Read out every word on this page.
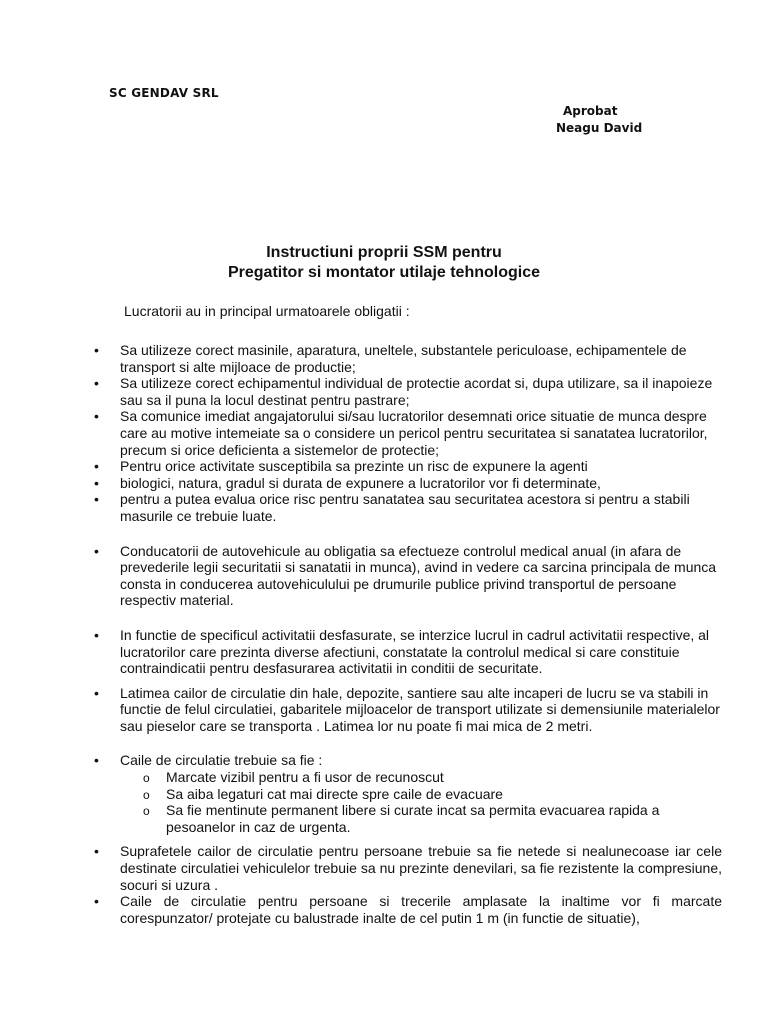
SC GENDAV SRL
Aprobat
Neagu David
Instructiuni proprii SSM pentru
Pregatitor si montator utilaje tehnologice
Lucratorii au in principal urmatoarele obligatii :
• Sa utilizeze corect masinile, aparatura, uneltele, substantele periculoase, echipamentele de transport si alte mijloace de productie;
• Sa utilizeze corect echipamentul individual de protectie acordat si, dupa utilizare, sa il inapoieze sau sa il puna la locul destinat pentru pastrare;
• Sa comunice imediat angajatorului si/sau lucratorilor desemnati orice situatie de munca despre care au motive intemeiate sa o considere un pericol pentru securitatea si sanatatea lucratorilor, precum si orice deficienta a sistemelor de protectie;
• Pentru orice activitate susceptibila sa prezinte un risc de expunere la agenti
• biologici, natura, gradul si durata de expunere a lucratorilor vor fi determinate,
• pentru a putea evalua orice risc pentru sanatatea sau securitatea acestora si pentru a stabili masurile ce trebuie luate.
• Conducatorii de autovehicule au obligatia sa efectueze controlul medical anual (in afara de prevederile legii securitatii si sanatatii in munca), avind in vedere ca sarcina principala de munca consta in conducerea autovehiculului pe drumurile publice privind transportul de persoane respectiv material.
• In functie de specificul activitatii desfasurate, se interzice lucrul in cadrul activitatii respective, al lucratorilor care prezinta diverse afectiuni, constatate la controlul medical si care constituie contraindicatii pentru desfasurarea activitatii in conditii de securitate.
• Latimea cailor de circulatie din hale, depozite, santiere sau alte incaperi de lucru se va stabili in functie de felul circulatiei, gabaritele mijloacelor de transport utilizate si demensiunile materialelor sau pieselor care se transporta . Latimea lor nu poate fi mai mica de 2 metri.
• Caile de circulatie trebuie sa fie :
o Marcate vizibil pentru a fi usor de recunoscut
o Sa aiba legaturi cat mai directe spre caile de evacuare
o Sa fie mentinute permanent libere si curate incat sa permita evacuarea rapida a pesoanelor in caz de urgenta.
• Suprafetele cailor de circulatie pentru persoane trebuie sa fie netede si nealunecoase iar cele destinate circulatiei vehiculelor trebuie sa nu prezinte denevilari, sa fie rezistente la compresiune, socuri si uzura .
• Caile de circulatie pentru persoane si trecerile amplasate la inaltime vor fi marcate corespunzator/ protejate cu balustrade inalte de cel putin 1 m (in functie de situatie),
